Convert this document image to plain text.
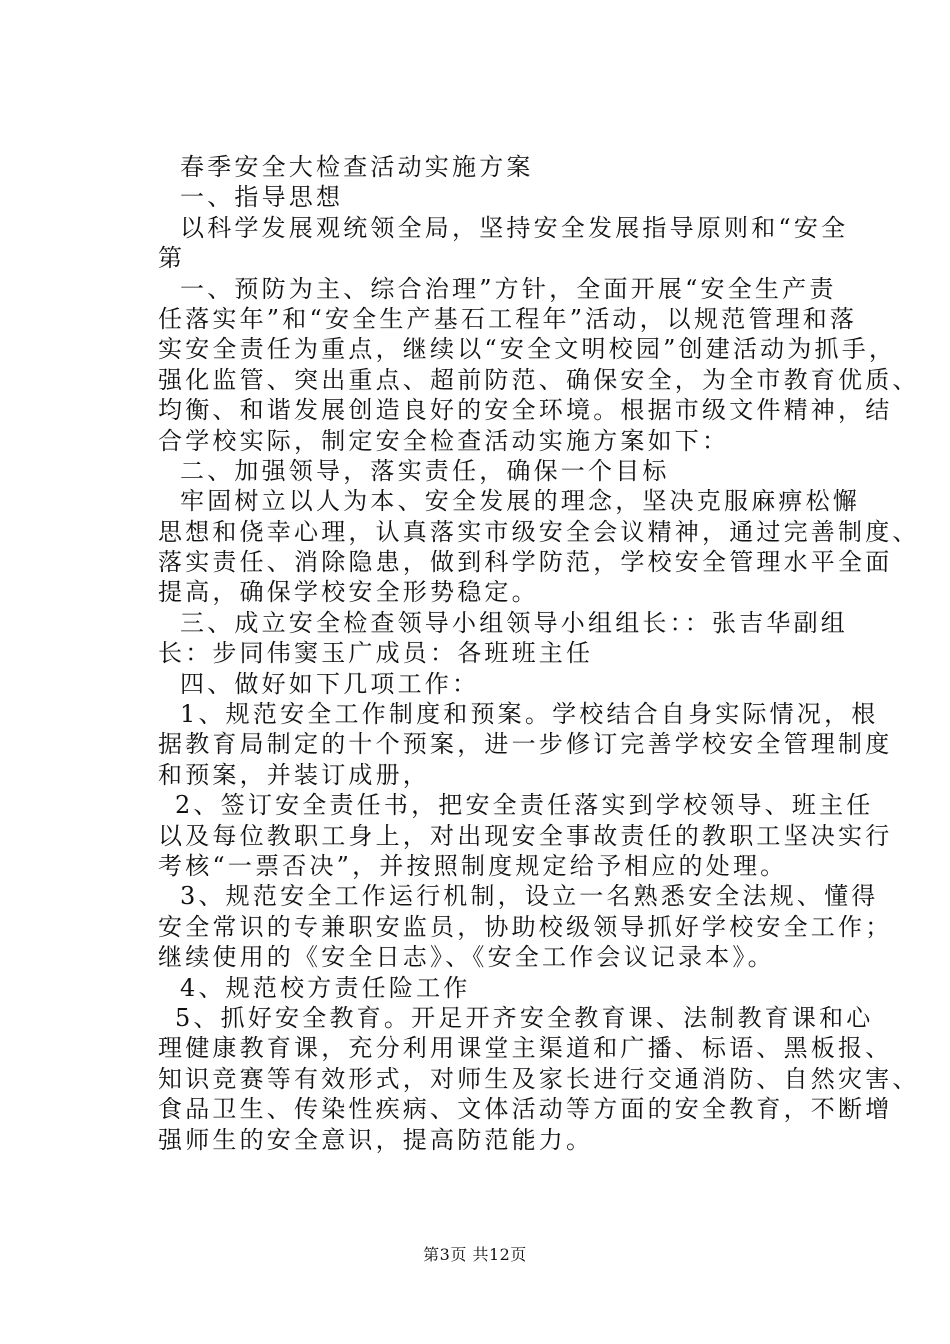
春季安全大检查活动实施方案
一、指导思想
以科学发展观统领全局，坚持安全发展指导原则和“安全
第
一、预防为主、综合治理”方针，全面开展“安全生产责
任落实年”和“安全生产基石工程年”活动，以规范管理和落
实安全责任为重点，继续以“安全文明校园”创建活动为抓手，
强化监管、突出重点、超前防范、确保安全，为全市教育优质、
均衡、和谐发展创造良好的安全环境。根据市级文件精神，结
合学校实际，制定安全检查活动实施方案如下：
二、加强领导，落实责任，确保一个目标
牢固树立以人为本、安全发展的理念，坚决克服麻痹松懈
思想和侥幸心理，认真落实市级安全会议精神，通过完善制度、
落实责任、消除隐患，做到科学防范，学校安全管理水平全面
提高，确保学校安全形势稳定。
三、成立安全检查领导小组领导小组组长：：张吉华副组
长：步同伟窦玉广成员：各班班主任
四、做好如下几项工作：
1、规范安全工作制度和预案。学校结合自身实际情况，根
据教育局制定的十个预案，进一步修订完善学校安全管理制度
和预案，并装订成册，
2、签订安全责任书，把安全责任落实到学校领导、班主任
以及每位教职工身上，对出现安全事故责任的教职工坚决实行
考核“一票否决”，并按照制度规定给予相应的处理。
3、规范安全工作运行机制，设立一名熟悉安全法规、懂得
安全常识的专兼职安监员，协助校级领导抓好学校安全工作；
继续使用的《安全日志》、《安全工作会议记录本》。
4、规范校方责任险工作
5、抓好安全教育。开足开齐安全教育课、法制教育课和心
理健康教育课，充分利用课堂主渠道和广播、标语、黑板报、
知识竞赛等有效形式，对师生及家长进行交通消防、自然灾害、
食品卫生、传染性疾病、文体活动等方面的安全教育，不断增
强师生的安全意识，提高防范能力。
第3页 共12页
